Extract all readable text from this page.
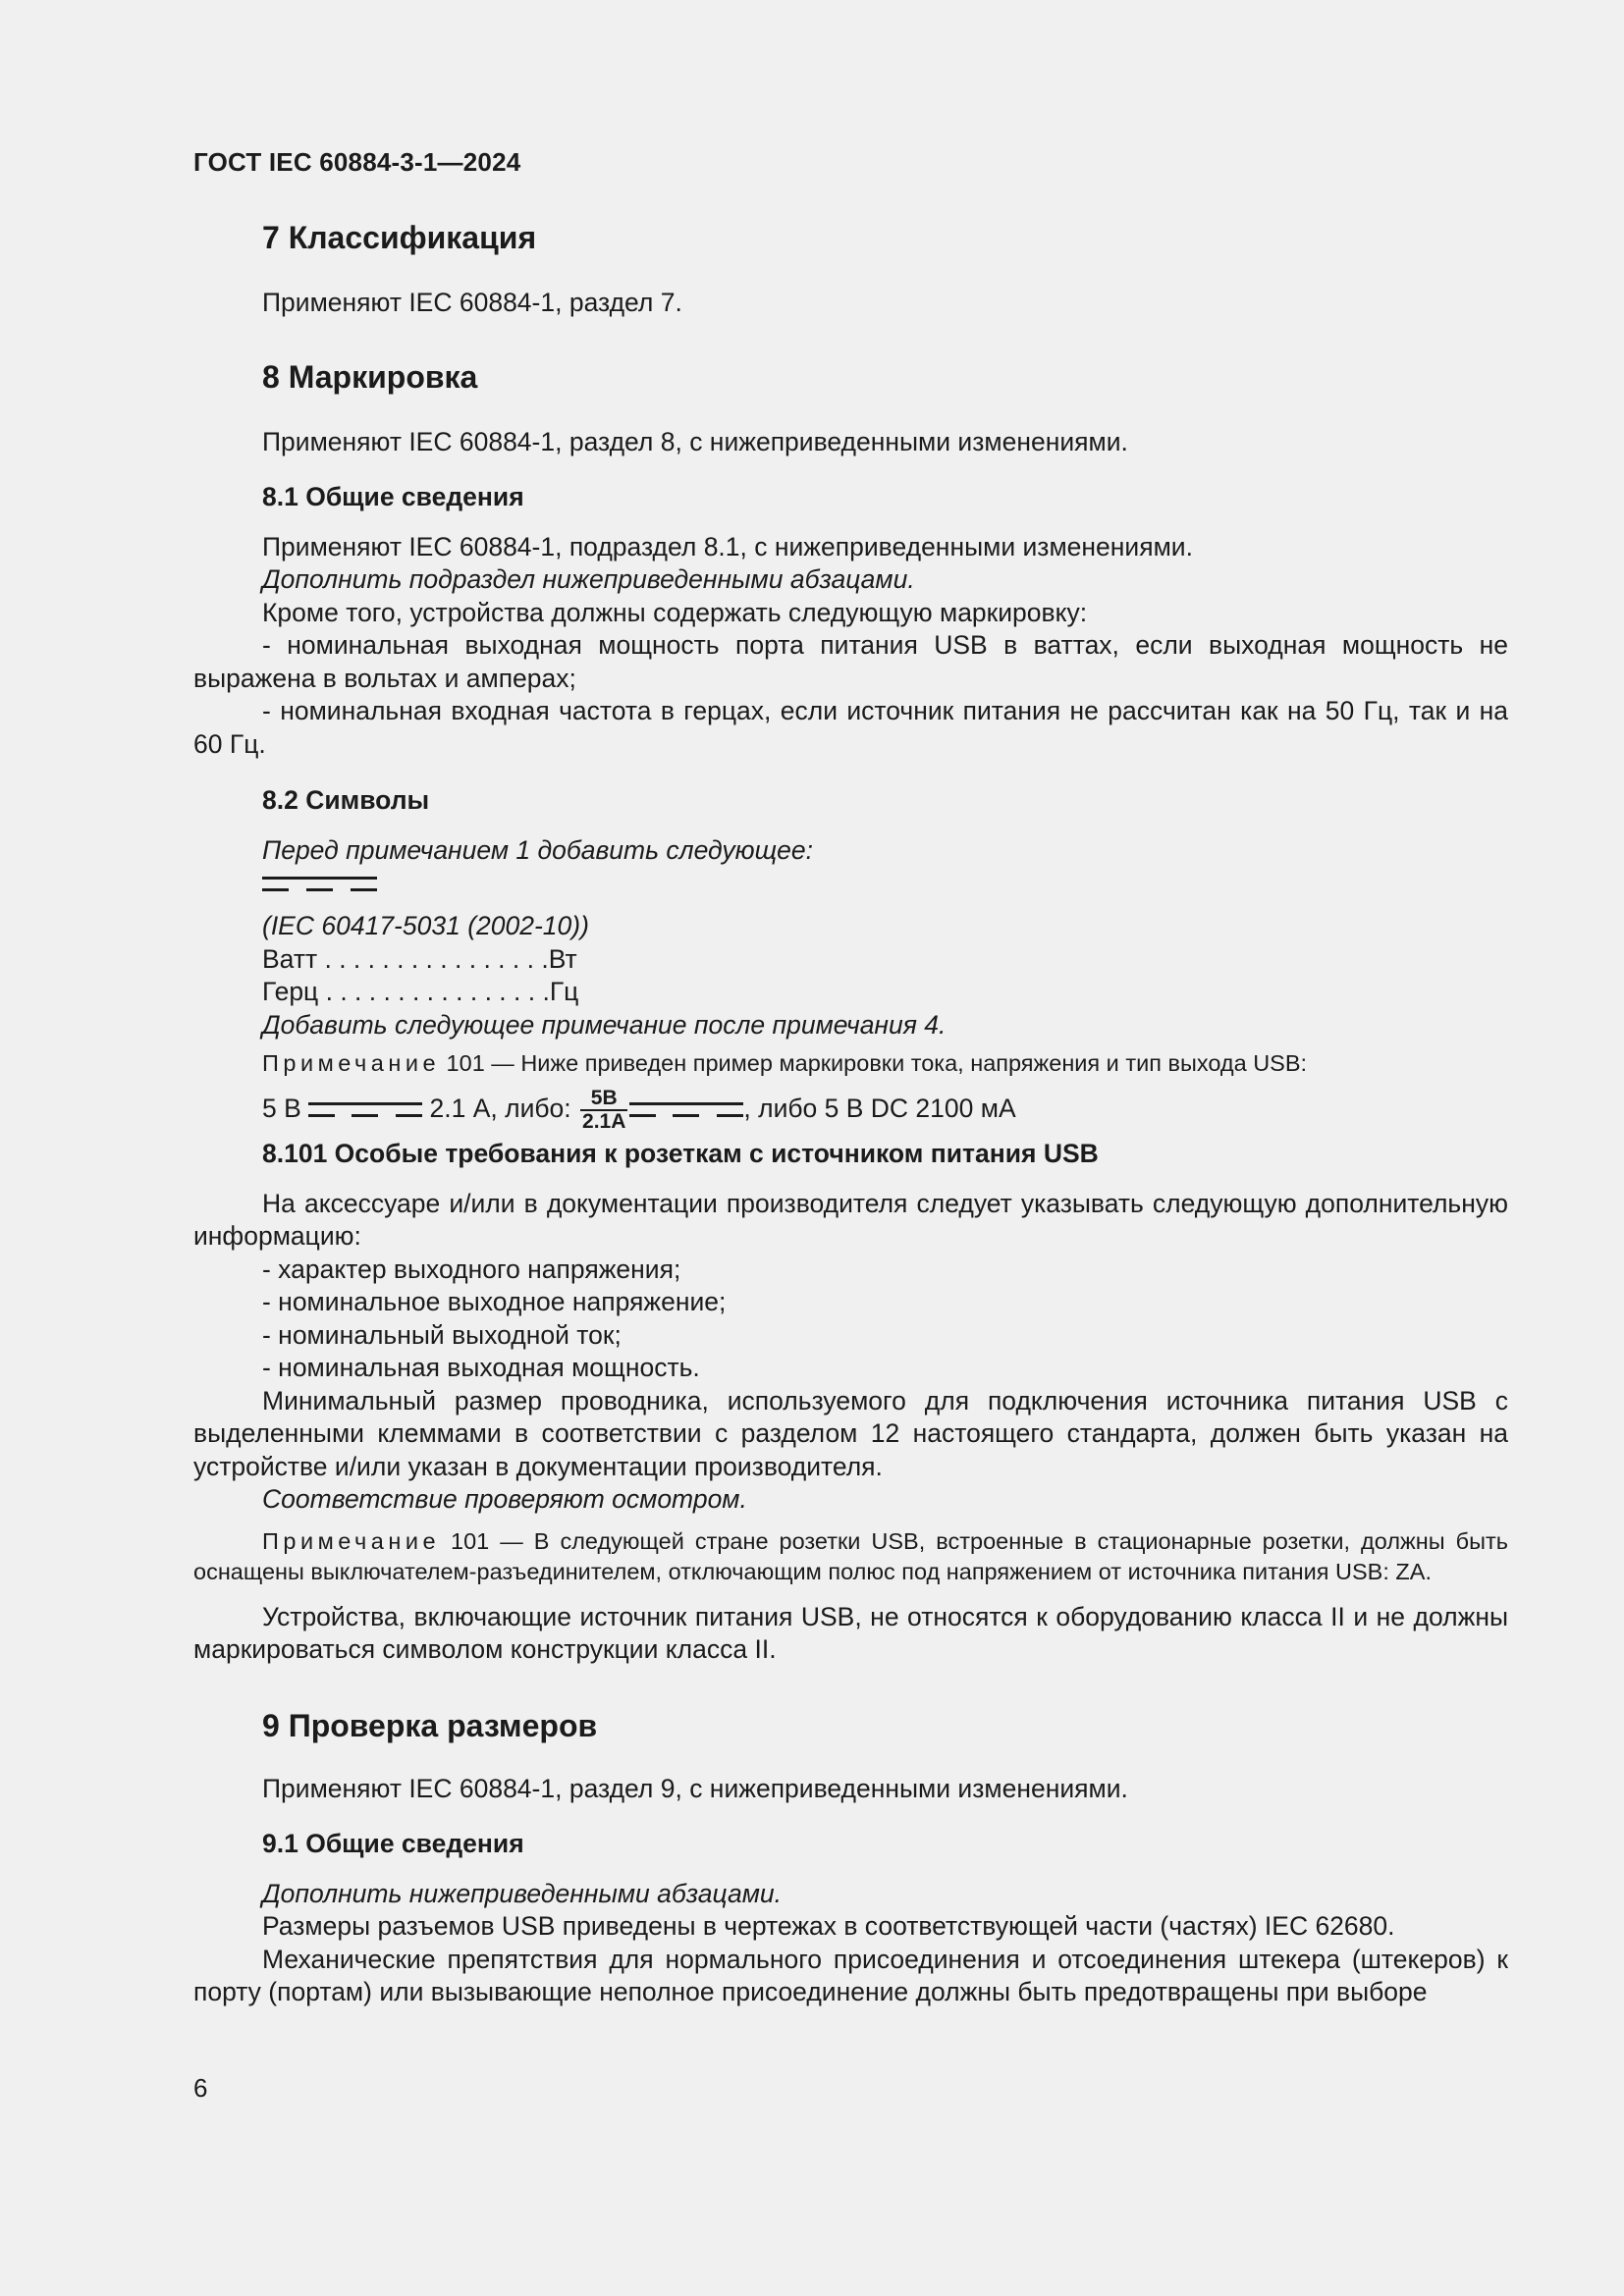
ГОСТ IEC 60884-3-1—2024
7 Классификация

Применяют IEC 60884-1, раздел 7.

8 Маркировка

Применяют IEC 60884-1, раздел 8, с нижеприведенными изменениями.

8.1 Общие сведения

Применяют IEC 60884-1, подраздел 8.1, с нижеприведенными изменениями.

Дополнить подраздел нижеприведенными абзацами.

Кроме того, устройства должны содержать следующую маркировку:

- номинальная выходная мощность порта питания USB в ваттах, если выходная мощность не выражена в вольтах и амперах;

- номинальная входная частота в герцах, если источник питания не рассчитан как на 50 Гц, так и на 60 Гц.

8.2 Символы

Перед примечанием 1 добавить следующее:

(IEC 60417-5031 (2002-10))

Ватт . . . . . . . . . . . . . . . .Вт

Герц . . . . . . . . . . . . . . . .Гц

Добавить следующее примечание после примечания 4.

Примечание 101 — Ниже приведен пример маркировки тока, напряжения и тип выхода USB:

5 В	2.1 А, либо: $\frac{5В}{2.1А}$	, либо 5 В DC 2100 мА

8.101 Особые требования к розеткам с источником питания USB

На аксессуаре и/или в документации производителя следует указывать следующую дополнительную информацию:

- характер выходного напряжения;

- номинальное выходное напряжение;

- номинальный выходной ток;

- номинальная выходная мощность.

Минимальный размер проводника, используемого для подключения источника питания USB с выделенными клеммами в соответствии с разделом 12 настоящего стандарта, должен быть указан на устройстве и/или указан в документации производителя.

Соответствие проверяют осмотром.

Примечание 101 — В следующей стране розетки USB, встроенные в стационарные розетки, должны быть оснащены выключателем-разъединителем, отключающим полюс под напряжением от источника питания USB: ZA.

Устройства, включающие источник питания USB, не относятся к оборудованию класса II и не должны маркироваться символом конструкции класса II.

9 Проверка размеров

Применяют IEC 60884-1, раздел 9, с нижеприведенными изменениями.

9.1 Общие сведения

Дополнить нижеприведенными абзацами.

Размеры разъемов USB приведены в чертежах в соответствующей части (частях) IEC 62680.

Механические препятствия для нормального присоединения и отсоединения штекера (штекеров) к порту (портам) или вызывающие неполное присоединение должны быть предотвращены при выборе

6
